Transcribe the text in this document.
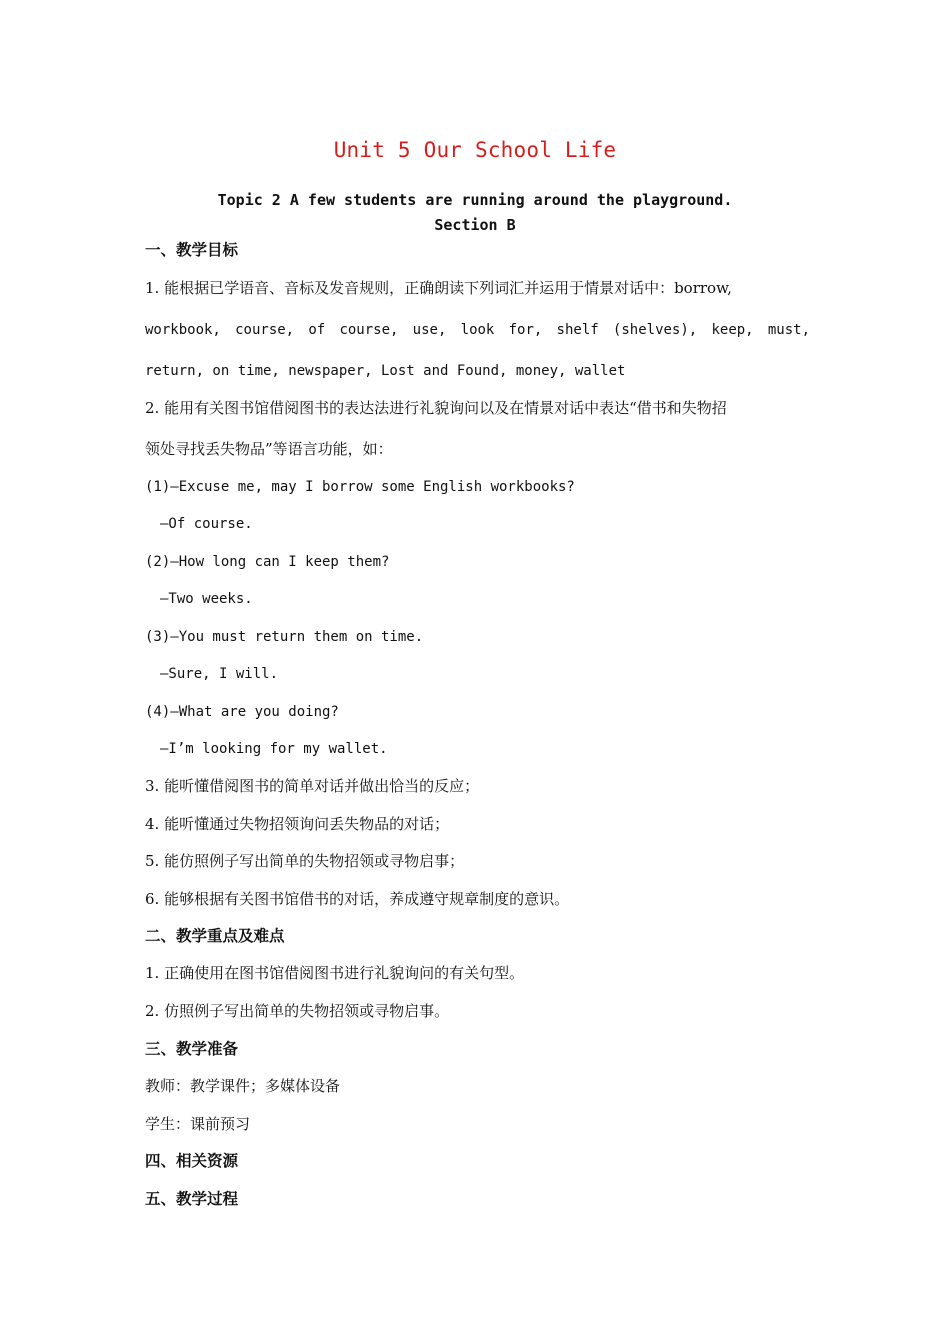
Unit 5 Our School Life
Topic 2 A few students are running around the playground.
Section B
一、教学目标
1. 能根据已学语音、音标及发音规则，正确朗读下列词汇并运用于情景对话中：borrow,
workbook, course, of course, use, look for, shelf (shelves), keep, must,
return, on time, newspaper, Lost and Found, money, wallet
2. 能用有关图书馆借阅图书的表达法进行礼貌询问以及在情景对话中表达“借书和失物招
领处寻找丢失物品”等语言功能，如：
(1)—Excuse me, may I borrow some English workbooks?
—Of course.
(2)—How long can I keep them?
—Two weeks.
(3)—You must return them on time.
—Sure, I will.
(4)—What are you doing?
—I’m looking for my wallet.
3. 能听懂借阅图书的简单对话并做出恰当的反应；
4. 能听懂通过失物招领询问丢失物品的对话；
5. 能仿照例子写出简单的失物招领或寻物启事；
6. 能够根据有关图书馆借书的对话，养成遵守规章制度的意识。
二、教学重点及难点
1. 正确使用在图书馆借阅图书进行礼貌询问的有关句型。
2. 仿照例子写出简单的失物招领或寻物启事。
三、教学准备
教师：教学课件；多媒体设备
学生：课前预习
四、相关资源
五、教学过程
